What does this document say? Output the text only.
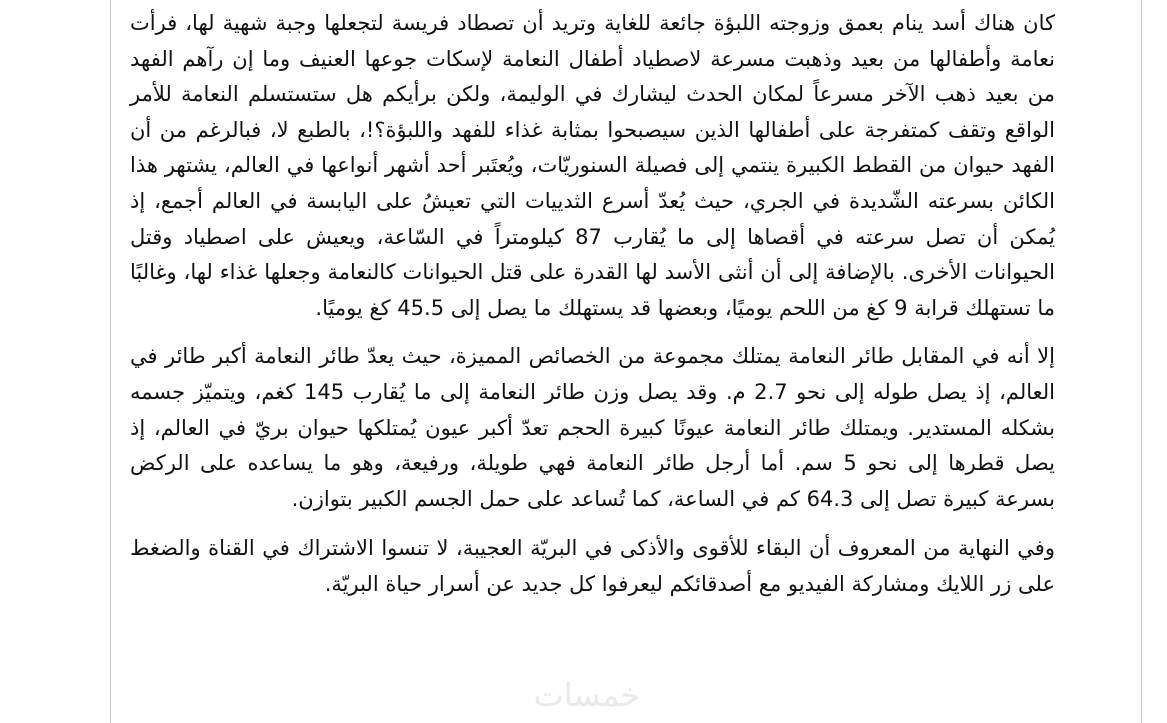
كان هناك أسد ينام بعمق وزوجته اللبؤة جائعة للغاية وتريد أن تصطاد فريسة لتجعلها وجبة شهية لها، فرأت نعامة وأطفالها من بعيد وذهبت مسرعة لاصطياد أطفال النعامة لإسكات جوعها العنيف وما إن رآهم الفهد من بعيد ذهب الآخر مسرعاً لمكان الحدث ليشارك في الوليمة، ولكن برأيكم هل ستستسلم النعامة للأمر الواقع وتقف كمتفرجة على أطفالها الذين سيصبحوا بمثابة غذاء للفهد واللبؤة؟!، بالطبع لا، فبالرغم من أن الفهد حيوان من القطط الكبيرة ينتمي إلى فصيلة السنوريّات، ويُعتَبر أحد أشهر أنواعها في العالم، يشتهر هذا الكائن بسرعته الشّديدة في الجري، حيث يُعدّ أسرع الثدييات التي تعيشُ على اليابسة في العالم أجمع، إذ يُمكن أن تصل سرعته في أقصاها إلى ما يُقارب 87 كيلومتراً في السّاعة، ويعيش على اصطياد وقتل الحيوانات الأخرى. بالإضافة إلى أن أنثى الأسد لها القدرة على قتل الحيوانات كالنعامة وجعلها غذاء لها، وغالبًا ما تستهلك قرابة 9 كغ من اللحم يوميًا، وبعضها قد يستهلك ما يصل إلى 45.5 كغ يوميًا.

إلا أنه في المقابل طائر النعامة يمتلك مجموعة من الخصائص المميزة، حيث يعدّ طائر النعامة أكبر طائر في العالم، إذ يصل طوله إلى نحو 2.7 م. وقد يصل وزن طائر النعامة إلى ما يُقارب 145 كغم، ويتميّز جسمه بشكله المستدير. ويمتلك طائر النعامة عيونًا كبيرة الحجم تعدّ أكبر عيون يُمتلكها حيوان بريّ في العالم، إذ يصل قطرها إلى نحو 5 سم. أما أرجل طائر النعامة فهي طويلة، ورفيعة، وهو ما يساعده على الركض بسرعة كبيرة تصل إلى 64.3 كم في الساعة، كما تُساعد على حمل الجسم الكبير بتوازن.

وفي النهاية من المعروف أن البقاء للأقوى والأذكى في البريّة العجيبة، لا تنسوا الاشتراك في القناة والضغط على زر اللايك ومشاركة الفيديو مع أصدقائكم ليعرفوا كل جديد عن أسرار حياة البريّة.

خمسات
